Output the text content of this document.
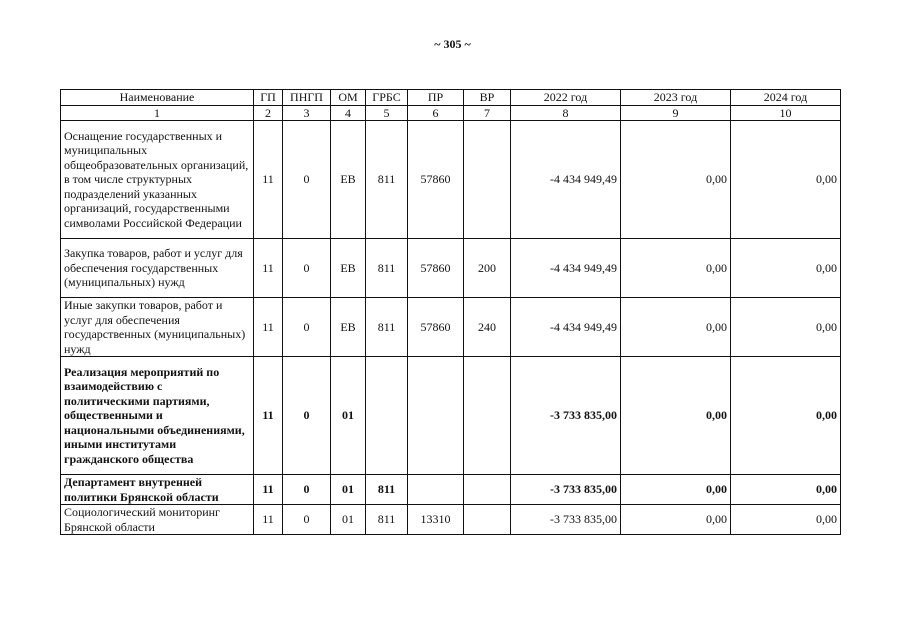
~ 305 ~
Наименование	ГП	ПНГП	ОМ	ГРБС	ПР	ВР	2022 год	2023 год	2024 год
1	2	3	4	5	6	7	8	9	10
Оснащение государственных и муниципальных общеобразовательных организаций, в том числе структурных подразделений указанных организаций, государственными символами Российской Федерации	11	0	ЕВ	811	57860		-4 434 949,49	0,00	0,00
Закупка товаров, работ и услуг для обеспечения государственных (муниципальных) нужд	11	0	ЕВ	811	57860	200	-4 434 949,49	0,00	0,00
Иные закупки товаров, работ и услуг для обеспечения государственных (муниципальных) нужд	11	0	ЕВ	811	57860	240	-4 434 949,49	0,00	0,00
Реализация мероприятий по взаимодействию с политическими партиями, общественными и национальными объединениями, иными институтами гражданского общества	11	0	01				-3 733 835,00	0,00	0,00
Департамент внутренней политики Брянской области	11	0	01	811			-3 733 835,00	0,00	0,00
Социологический мониторинг Брянской области	11	0	01	811	13310		-3 733 835,00	0,00	0,00
